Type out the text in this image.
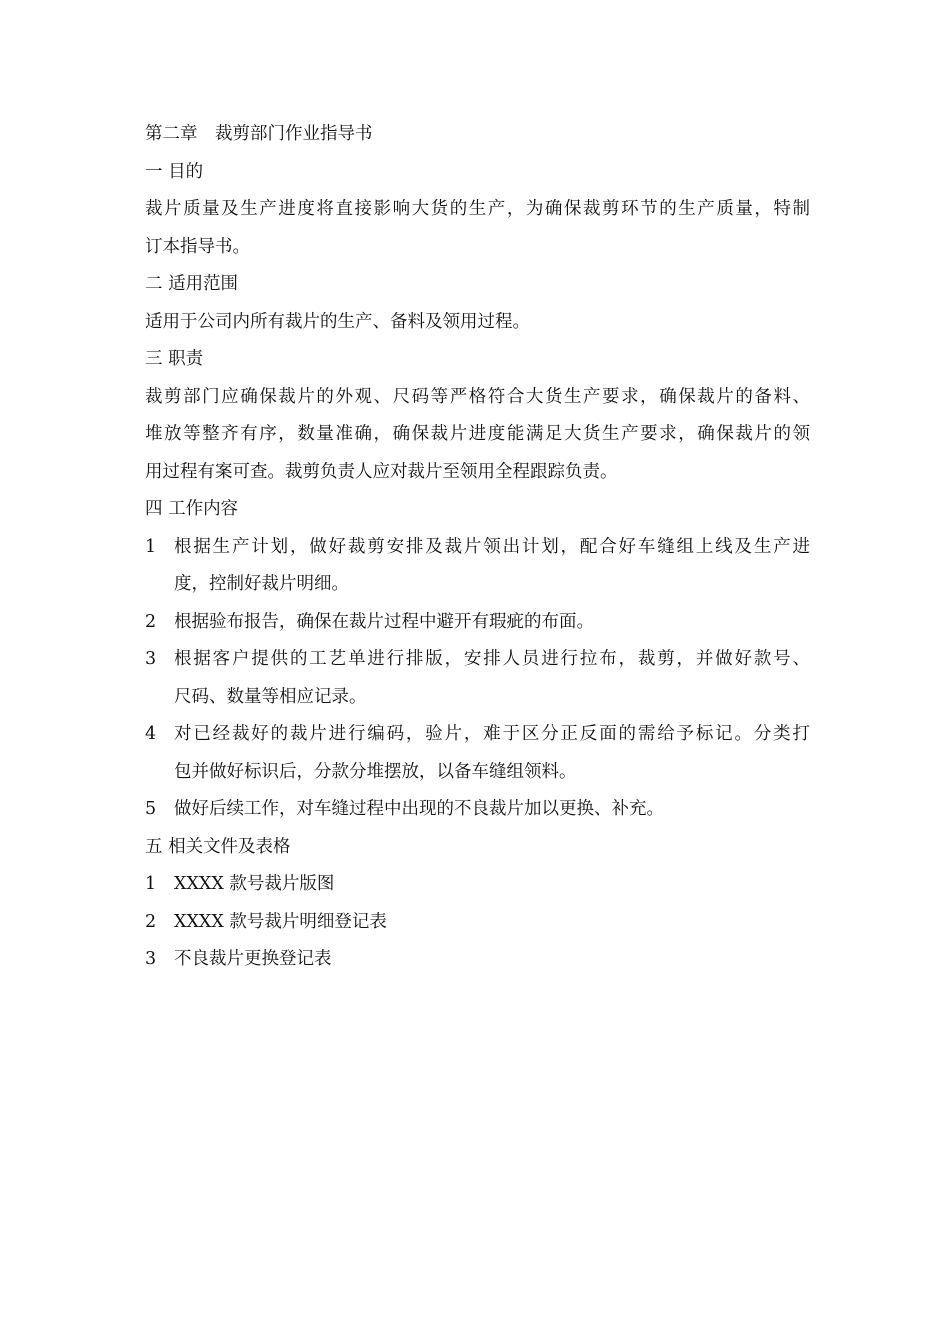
第二章　裁剪部门作业指导书
一 目的
裁片质量及生产进度将直接影响大货的生产，为确保裁剪环节的生产质量，特制
订本指导书。
二 适用范围
适用于公司内所有裁片的生产、备料及领用过程。
三 职责
裁剪部门应确保裁片的外观、尺码等严格符合大货生产要求，确保裁片的备料、
堆放等整齐有序，数量准确，确保裁片进度能满足大货生产要求，确保裁片的领
用过程有案可查。裁剪负责人应对裁片至领用全程跟踪负责。
四 工作内容
1	根据生产计划，做好裁剪安排及裁片领出计划，配合好车缝组上线及生产进
度，控制好裁片明细。
2	根据验布报告，确保在裁片过程中避开有瑕疵的布面。
3	根据客户提供的工艺单进行排版，安排人员进行拉布，裁剪，并做好款号、
尺码、数量等相应记录。
4	对已经裁好的裁片进行编码，验片，难于区分正反面的需给予标记。分类打
包并做好标识后，分款分堆摆放，以备车缝组领料。
5	做好后续工作，对车缝过程中出现的不良裁片加以更换、补充。
五 相关文件及表格
1	XXXX 款号裁片版图
2	XXXX 款号裁片明细登记表
3	不良裁片更换登记表
